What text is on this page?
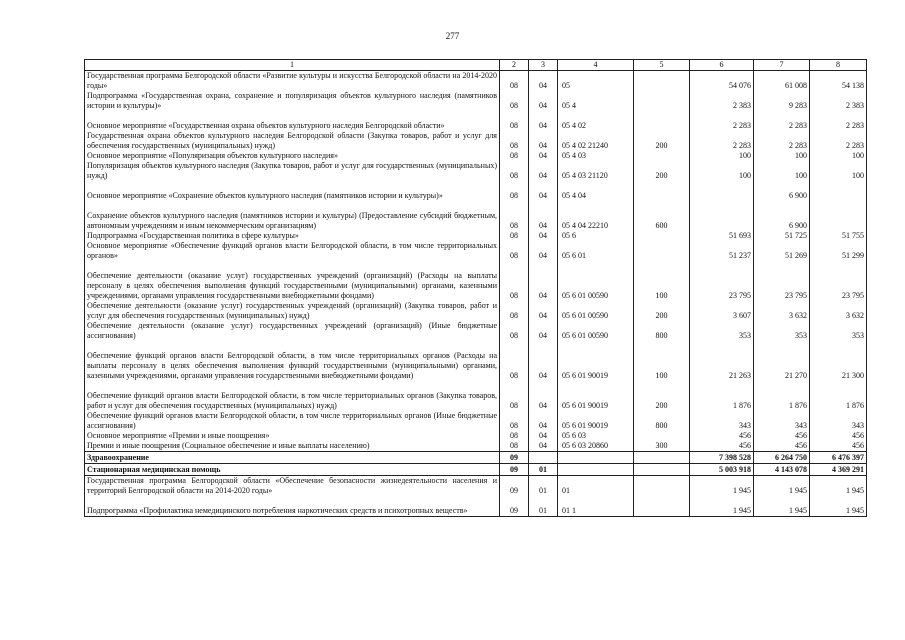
277
1	2	3	4	5	6	7	8
Государственная программа Белгородской области «Развитие культуры и искусства Белгородской области на 2014-2020 годы»	08	04	05		54 076	61 008	54 138
Подпрограмма «Государственная охрана, сохранение и популяризация объектов культурного наследия (памятников истории и культуры)»	08	04	05 4		2 383	9 283	2 383
Основное мероприятие «Государственная охрана объектов культурного наследия Белгородской области»	08	04	05 4 02		2 283	2 283	2 283
Государственная охрана объектов культурного наследия Белгородской области (Закупка товаров, работ и услуг для обеспечения государственных (муниципальных) нужд)	08	04	05 4 02 21240	200	2 283	2 283	2 283
Основное мероприятие «Популяризация объектов культурного наследия»	08	04	05 4 03		100	100	100
Популяризация объектов культурного наследия (Закупка товаров, работ и услуг для государственных (муниципальных) нужд)	08	04	05 4 03 21120	200	100	100	100
Основное мероприятие «Сохранение объектов культурного наследия (памятников истории и культуры)»	08	04	05 4 04			6 900	
Сохранение объектов культурного наследия (памятников истории и культуры) (Предоставление субсидий бюджетным, автономным учреждениям и иным некоммерческим организациям)	08	04	05 4 04 22210	600		6 900	
Подпрограмма «Государственная политика в сфере культуры»	08	04	05 6		51 693	51 725	51 755
Основное мероприятие «Обеспечение функций органов власти Белгородской области, в том числе территориальных органов»	08	04	05 6 01		51 237	51 269	51 299
Обеспечение деятельности (оказание услуг) государственных учреждений (организаций) (Расходы на выплаты персоналу в целях обеспечения выполнения функций государственными (муниципальными) органами, казенными учреждениями, органами управления государственными внебюджетными фондами)	08	04	05 6 01 00590	100	23 795	23 795	23 795
Обеспечение деятельности (оказание услуг) государственных учреждений (организаций) (Закупка товаров, работ и услуг для обеспечения государственных (муниципальных) нужд)	08	04	05 6 01 00590	200	3 607	3 632	3 632
Обеспечение деятельности (оказание услуг) государственных учреждений (организаций) (Иные бюджетные ассигнования)	08	04	05 6 01 00590	800	353	353	353
Обеспечение функций органов власти Белгородской области, в том числе территориальных органов (Расходы на выплаты персоналу в целях обеспечения выполнения функций государственными (муниципальными) органами, казенными учреждениями, органами управления государственными внебюджетными фондами)	08	04	05 6 01 90019	100	21 263	21 270	21 300
Обеспечение функций органов власти Белгородской области, в том числе территориальных органов (Закупка товаров, работ и услуг для обеспечения государственных (муниципальных) нужд)	08	04	05 6 01 90019	200	1 876	1 876	1 876
Обеспечение функций органов власти Белгородской области, в том числе территориальных органов (Иные бюджетные ассигнования)	08	04	05 6 01 90019	800	343	343	343
Основное мероприятие «Премии и иные поощрения»	08	04	05 6 03		456	456	456
Премии и иные поощрения (Социальное обеспечение и иные выплаты населению)	08	04	05 6 03 20860	300	456	456	456
Здравоохранение	09				7 398 528	6 264 750	6 476 397
Стационарная медицинская помощь	09	01			5 003 918	4 143 078	4 369 291
Государственная программа Белгородской области «Обеспечение безопасности жизнедеятельности населения и территорий Белгородской области на 2014-2020 годы»	09	01	01		1 945	1 945	1 945
Подпрограмма «Профилактика немедицинского потребления наркотических средств и психотропных веществ»	09	01	01 1		1 945	1 945	1 945
